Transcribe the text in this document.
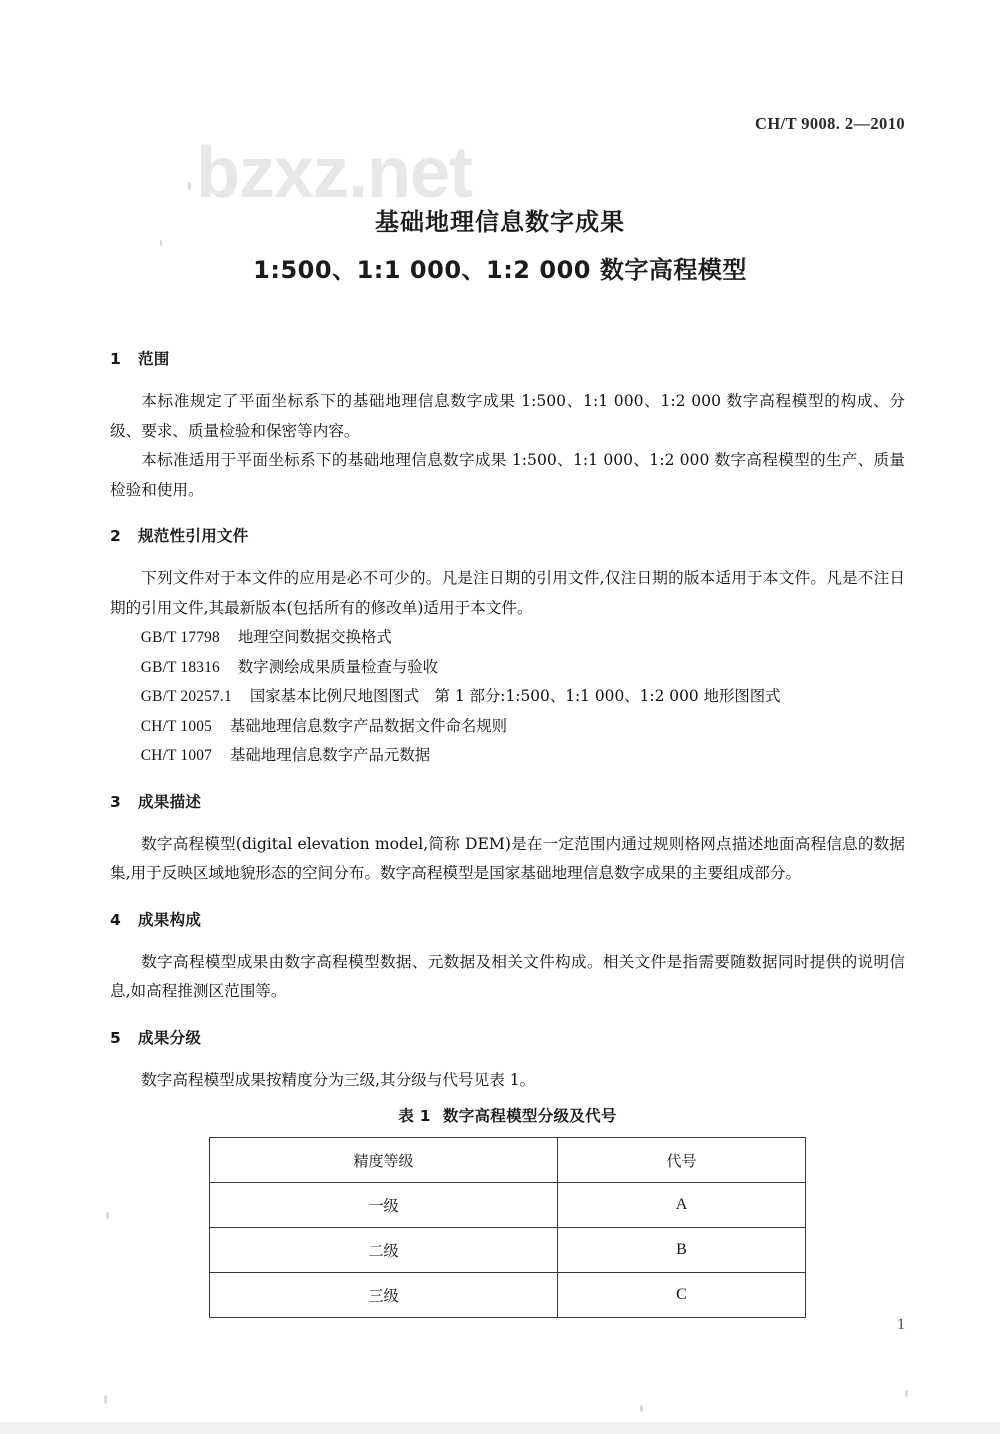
CH/T 9008. 2—2010
bzxz.net
基础地理信息数字成果
1:500、1:1 000、1:2 000 数字高程模型
1 范围

本标准规定了平面坐标系下的基础地理信息数字成果 1:500、1:1 000、1:2 000 数字高程模型的构成、分级、要求、质量检验和保密等内容。

本标准适用于平面坐标系下的基础地理信息数字成果 1:500、1:1 000、1:2 000 数字高程模型的生产、质量检验和使用。

2 规范性引用文件

下列文件对于本文件的应用是必不可少的。凡是注日期的引用文件,仅注日期的版本适用于本文件。凡是不注日期的引用文件,其最新版本(包括所有的修改单)适用于本文件。

GB/T 17798 地理空间数据交换格式
GB/T 18316 数字测绘成果质量检查与验收
GB/T 20257.1 国家基本比例尺地图图式　第 1 部分:1:500、1:1 000、1:2 000 地形图图式
CH/T 1005 基础地理信息数字产品数据文件命名规则
CH/T 1007 基础地理信息数字产品元数据
3 成果描述

数字高程模型(digital elevation model,简称 DEM)是在一定范围内通过规则格网点描述地面高程信息的数据集,用于反映区域地貌形态的空间分布。数字高程模型是国家基础地理信息数字成果的主要组成部分。

4 成果构成

数字高程模型成果由数字高程模型数据、元数据及相关文件构成。相关文件是指需要随数据同时提供的说明信息,如高程推测区范围等。

5 成果分级

数字高程模型成果按精度分为三级,其分级与代号见表 1。

表 1 数字高程模型分级及代号
精度等级	代号
一级	A
二级	B
三级	C
1
